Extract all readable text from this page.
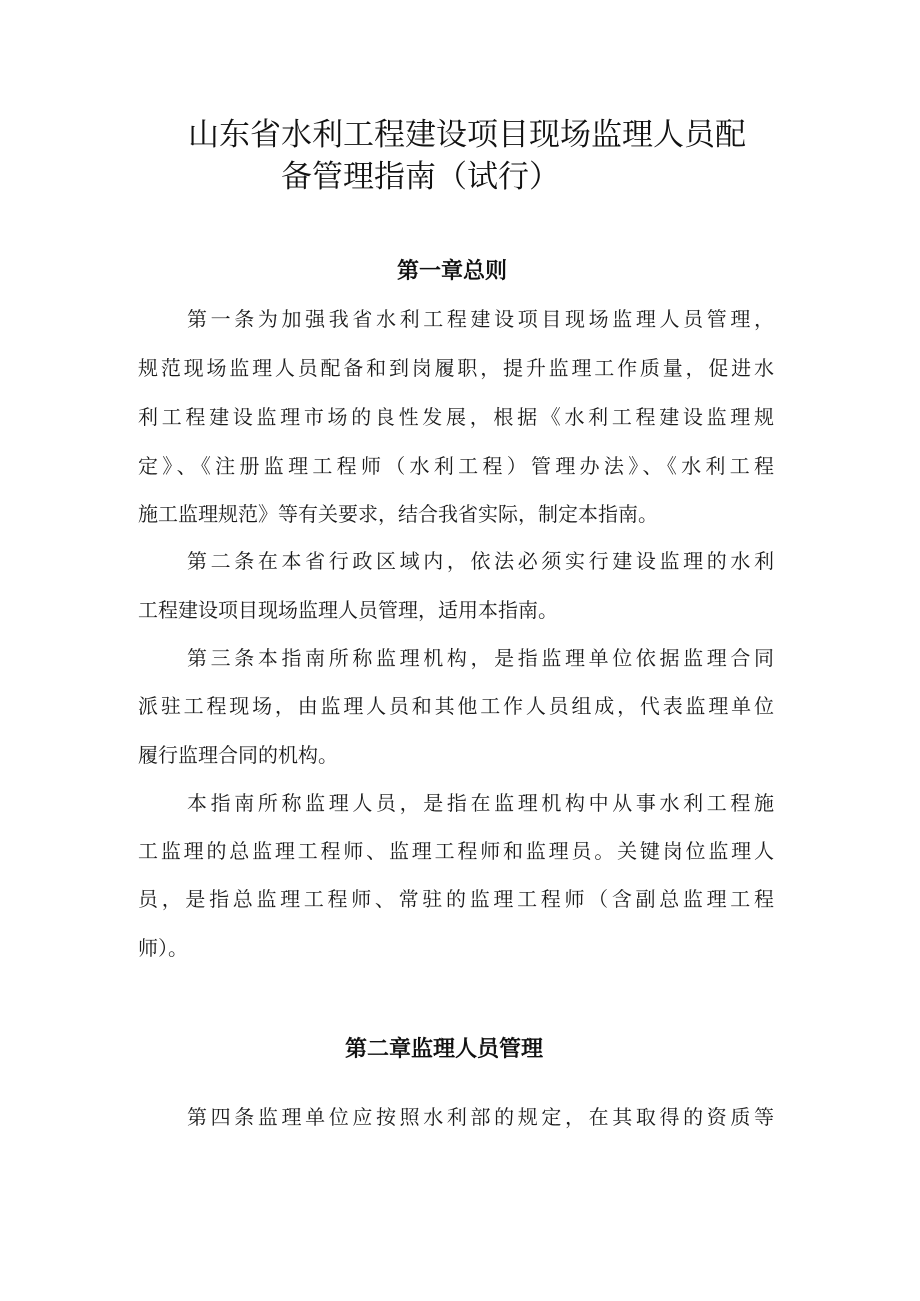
山东省水利工程建设项目现场监理人员配
备管理指南（试行）
第一章总则
第一条为加强我省水利工程建设项目现场监理人员管理，
规范现场监理人员配备和到岗履职，提升监理工作质量，促进水
利工程建设监理市场的良性发展，根据《水利工程建设监理规
定》、《注册监理工程师（水利工程）管理办法》、《水利工程
施工监理规范》等有关要求，结合我省实际，制定本指南。
第二条在本省行政区域内，依法必须实行建设监理的水利
工程建设项目现场监理人员管理，适用本指南。
第三条本指南所称监理机构，是指监理单位依据监理合同
派驻工程现场，由监理人员和其他工作人员组成，代表监理单位
履行监理合同的机构。
本指南所称监理人员，是指在监理机构中从事水利工程施
工监理的总监理工程师、监理工程师和监理员。关键岗位监理人
员，是指总监理工程师、常驻的监理工程师（含副总监理工程
师）。
第二章监理人员管理
第四条监理单位应按照水利部的规定，在其取得的资质等
